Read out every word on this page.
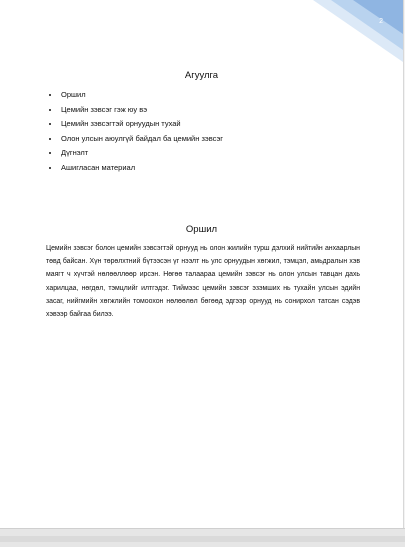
2
Агуулга
• Оршил
• Цемийн зэвсэг гэж юу вэ
• Цемийн зэвсэгтэй орнуудын тухай
• Олон улсын аюулгүй байдал ба цемийн зэвсэг
• Дүгнэлт
• Ашигласан материал
Оршил

Цемийн зэвсэг болон цемийн зэвсэгтэй орнууд нь олон жилийн турш дэлхий нийтийн анхаарлын төвд байсан. Хүн төрөлхтний бүтээсэн үг нээлт нь улс орнуудын хөгжил, тэмцэл, амьдралын хэв маягт ч хүчтэй нөлөөллөөр ирсэн. Нөгөө талаараа цемийн зэвсэг нь олон улсын тавцан дахь харилцаа, нөгдөл, тэмцлийг илтгэдэг. Тиймээс цемийн зэвсэг эзэмших нь тухайн улсын эдийн засаг, нийгмийн хөгжлийн томоохон нөлөөлөл бөгөөд эдгээр орнууд нь сонирхол татсан сэдэв хэвээр байгаа билээ.
